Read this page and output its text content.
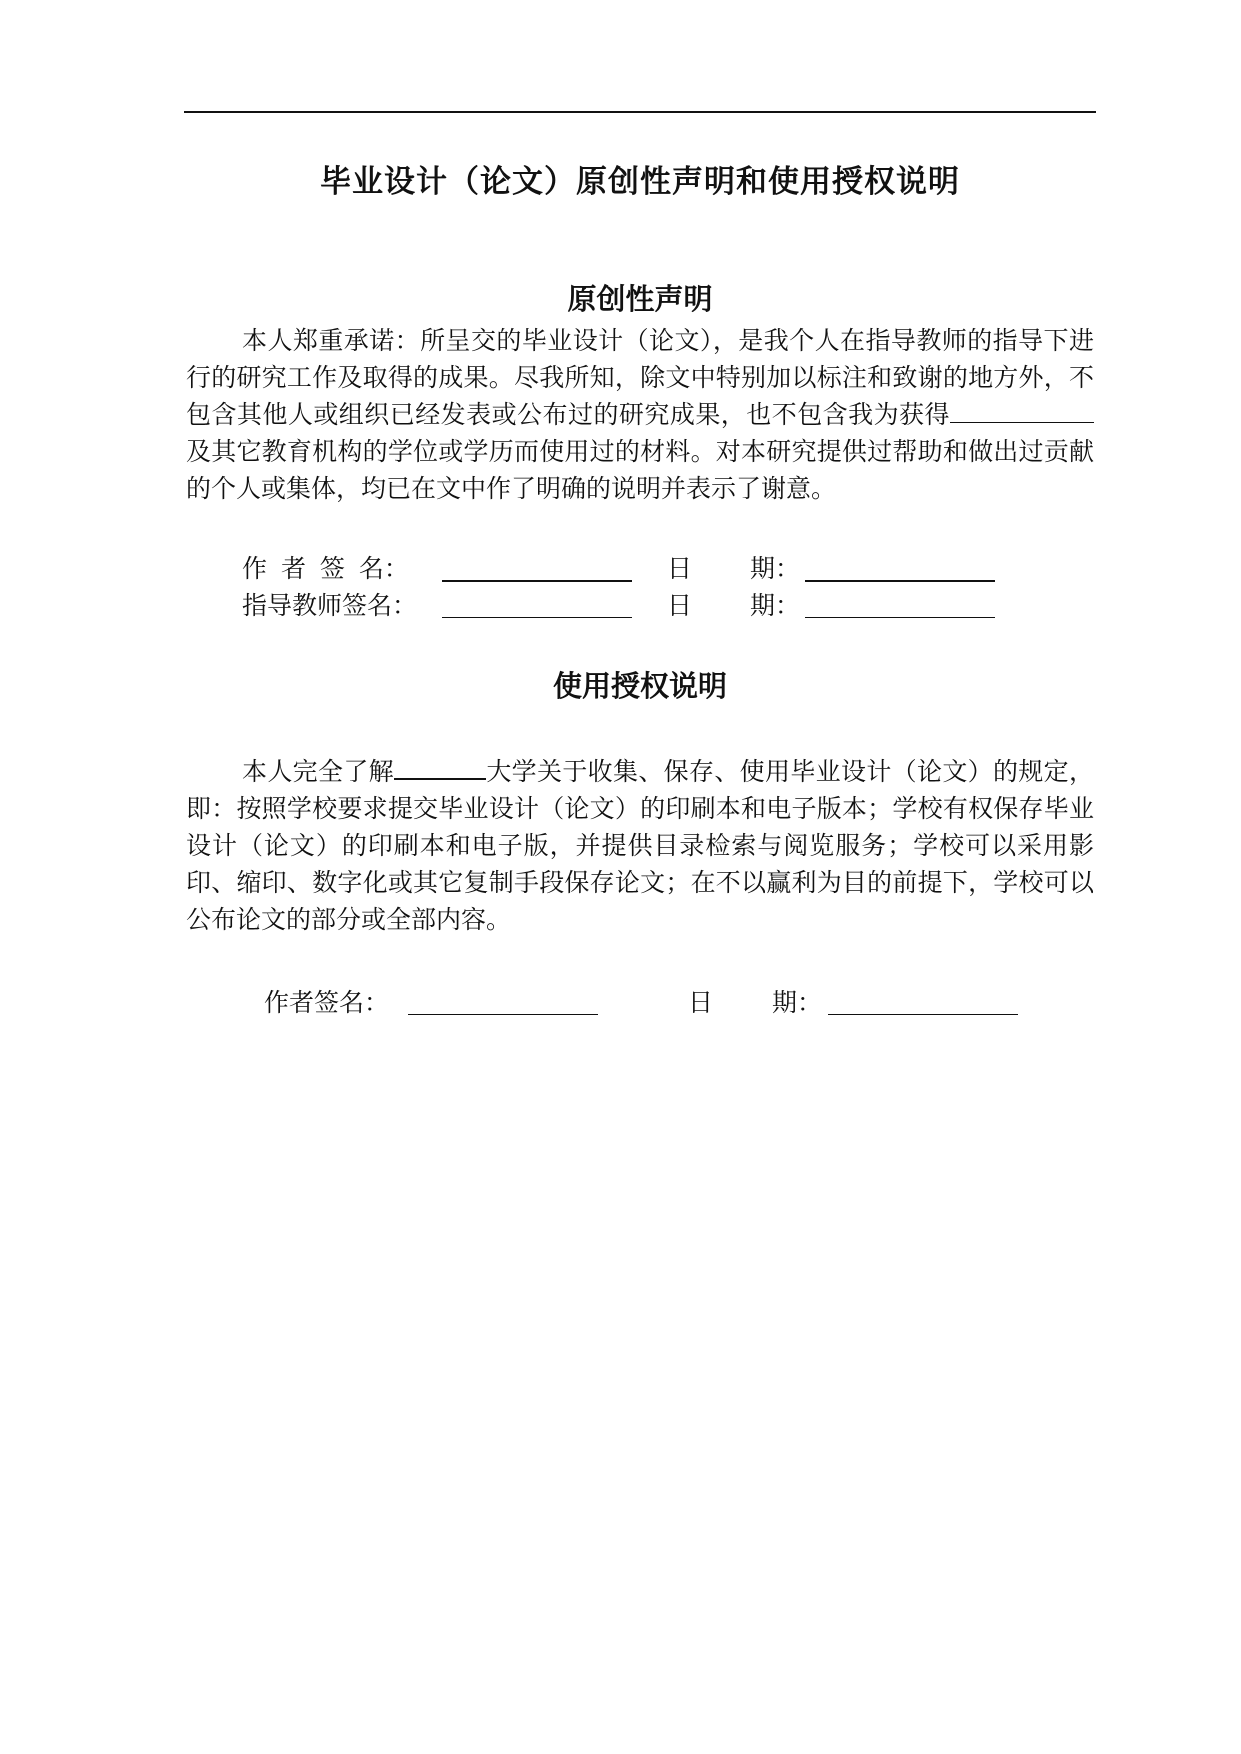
毕业设计（论文）原创性声明和使用授权说明
原创性声明
本人郑重承诺：所呈交的毕业设计（论文），是我个人在指导教师的指导下进行的研究工作及取得的成果。尽我所知，除文中特别加以标注和致谢的地方外，不包含其他人或组织已经发表或公布过的研究成果，也不包含我为获得及其它教育机构的学位或学历而使用过的材料。对本研究提供过帮助和做出过贡献的个人或集体，均已在文中作了明确的说明并表示了谢意。
作 者 签 名：	日 期：
指导教师签名：	日 期：
使用授权说明
本人完全了解	大学关于收集、保存、使用毕业设计（论文）的规定，即：按照学校要求提交毕业设计（论文）的印刷本和电子版本；学校有权保存毕业设计（论文）的印刷本和电子版，并提供目录检索与阅览服务；学校可以采用影印、缩印、数字化或其它复制手段保存论文；在不以赢利为目的前提下，学校可以公布论文的部分或全部内容。
作者签名：	日 期：
